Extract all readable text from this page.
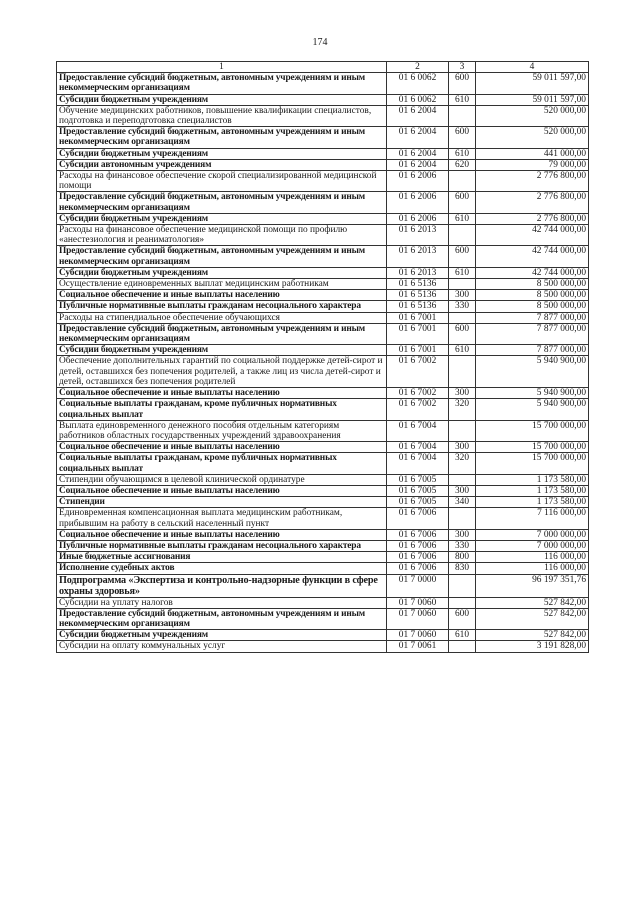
174
1	2	3	4
Предоставление субсидий бюджетным, автономным учреждениям и иным некоммерческим организациям	01 6 0062	600	59 011 597,00
Субсидии бюджетным учреждениям	01 6 0062	610	59 011 597,00
Обучение медицинских работников, повышение квалификации специалистов, подготовка и переподготовка специалистов	01 6 2004		520 000,00
Предоставление субсидий бюджетным, автономным учреждениям и иным некоммерческим организациям	01 6 2004	600	520 000,00
Субсидии бюджетным учреждениям	01 6 2004	610	441 000,00
Субсидии автономным учреждениям	01 6 2004	620	79 000,00
Расходы на финансовое обеспечение скорой специализированной медицинской помощи	01 6 2006		2 776 800,00
Предоставление субсидий бюджетным, автономным учреждениям и иным некоммерческим организациям	01 6 2006	600	2 776 800,00
Субсидии бюджетным учреждениям	01 6 2006	610	2 776 800,00
Расходы на финансовое обеспечение медицинской помощи по профилю «анестезиология и реаниматология»	01 6 2013		42 744 000,00
Предоставление субсидий бюджетным, автономным учреждениям и иным некоммерческим организациям	01 6 2013	600	42 744 000,00
Субсидии бюджетным учреждениям	01 6 2013	610	42 744 000,00
Осуществление единовременных выплат медицинским работникам	01 6 5136		8 500 000,00
Социальное обеспечение и иные выплаты населению	01 6 5136	300	8 500 000,00
Публичные нормативные выплаты гражданам несоциального характера	01 6 5136	330	8 500 000,00
Расходы на стипендиальное обеспечение обучающихся	01 6 7001		7 877 000,00
Предоставление субсидий бюджетным, автономным учреждениям и иным некоммерческим организациям	01 6 7001	600	7 877 000,00
Субсидии бюджетным учреждениям	01 6 7001	610	7 877 000,00
Обеспечение дополнительных гарантий по социальной поддержке детей-сирот и детей, оставшихся без попечения родителей, а также лиц из числа детей-сирот и детей, оставшихся без попечения родителей	01 6 7002		5 940 900,00
Социальное обеспечение и иные выплаты населению	01 6 7002	300	5 940 900,00
Социальные выплаты гражданам, кроме публичных нормативных социальных выплат	01 6 7002	320	5 940 900,00
Выплата единовременного денежного пособия отдельным категориям работников областных государственных учреждений здравоохранения	01 6 7004		15 700 000,00
Социальное обеспечение и иные выплаты населению	01 6 7004	300	15 700 000,00
Социальные выплаты гражданам, кроме публичных нормативных социальных выплат	01 6 7004	320	15 700 000,00
Стипендии обучающимся в целевой клинической ординатуре	01 6 7005		1 173 580,00
Социальное обеспечение и иные выплаты населению	01 6 7005	300	1 173 580,00
Стипендии	01 6 7005	340	1 173 580,00
Единовременная компенсационная выплата медицинским работникам, прибывшим на работу в сельский населенный пункт	01 6 7006		7 116 000,00
Социальное обеспечение и иные выплаты населению	01 6 7006	300	7 000 000,00
Публичные нормативные выплаты гражданам несоциального характера	01 6 7006	330	7 000 000,00
Иные бюджетные ассигнования	01 6 7006	800	116 000,00
Исполнение судебных актов	01 6 7006	830	116 000,00
Подпрограмма «Экспертиза и контрольно-надзорные функции в сфере охраны здоровья»	01 7 0000		96 197 351,76
Субсидии на уплату налогов	01 7 0060		527 842,00
Предоставление субсидий бюджетным, автономным учреждениям и иным некоммерческим организациям	01 7 0060	600	527 842,00
Субсидии бюджетным учреждениям	01 7 0060	610	527 842,00
Субсидии на оплату коммунальных услуг	01 7 0061		3 191 828,00
